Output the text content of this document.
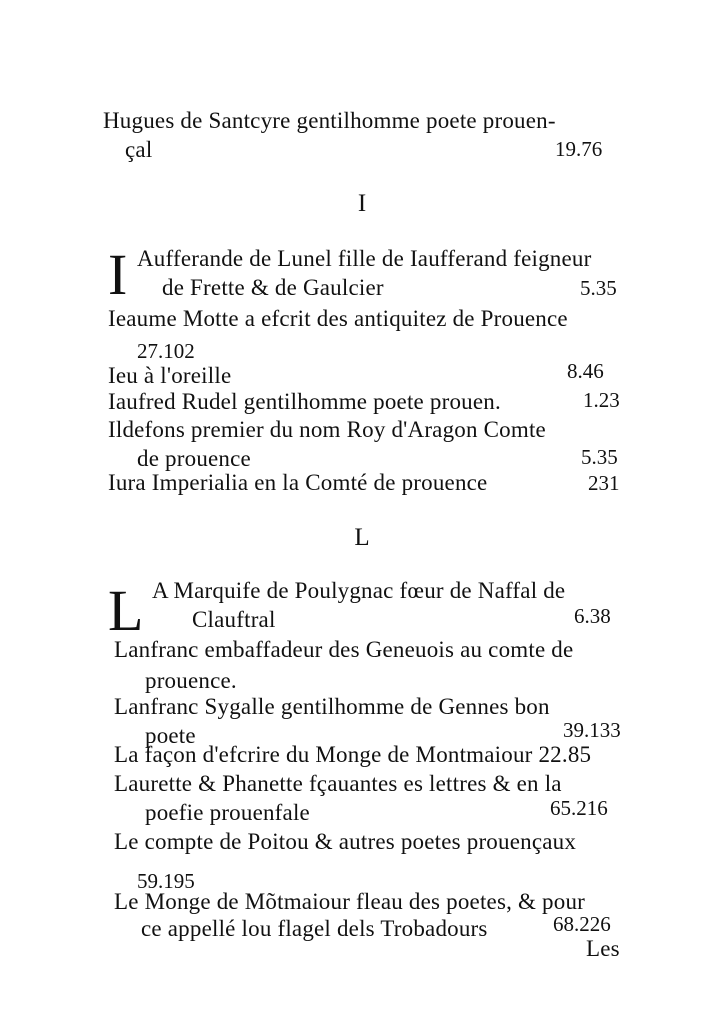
Hugues de Santcyre gentilhomme poete prouen-
çal	19.76
I
I Aufferande de Lunel fille de Iaufferand feigneur
de Frette & de Gaulcier	5.35
Ieaume Motte a efcrit des antiquitez de Prouence
27.102
Ieu à l'oreille	8.46
Iaufred Rudel gentilhomme poete prouen.	1.23
Ildefons premier du nom Roy d'Aragon Comte
de prouence	5.35
Iura Imperialia en la Comté de prouence	231
L
L A Marquife de Poulygnac fœur de Naffal de
Clauftral	6.38
Lanfranc embaffadeur des Geneuois au comte de
prouence.
Lanfranc Sygalle gentilhomme de Gennes bon
poete	39.133
La façon d'efcrire du Monge de Montmaiour 22.85
Laurette & Phanette fçauantes es lettres & en la
poefie prouenfale	65.216
Le compte de Poitou & autres poetes prouençaux
59.195
Le Monge de Mõtmaiour fleau des poetes, & pour
ce appellé lou flagel dels Trobadours	68.226
Les
